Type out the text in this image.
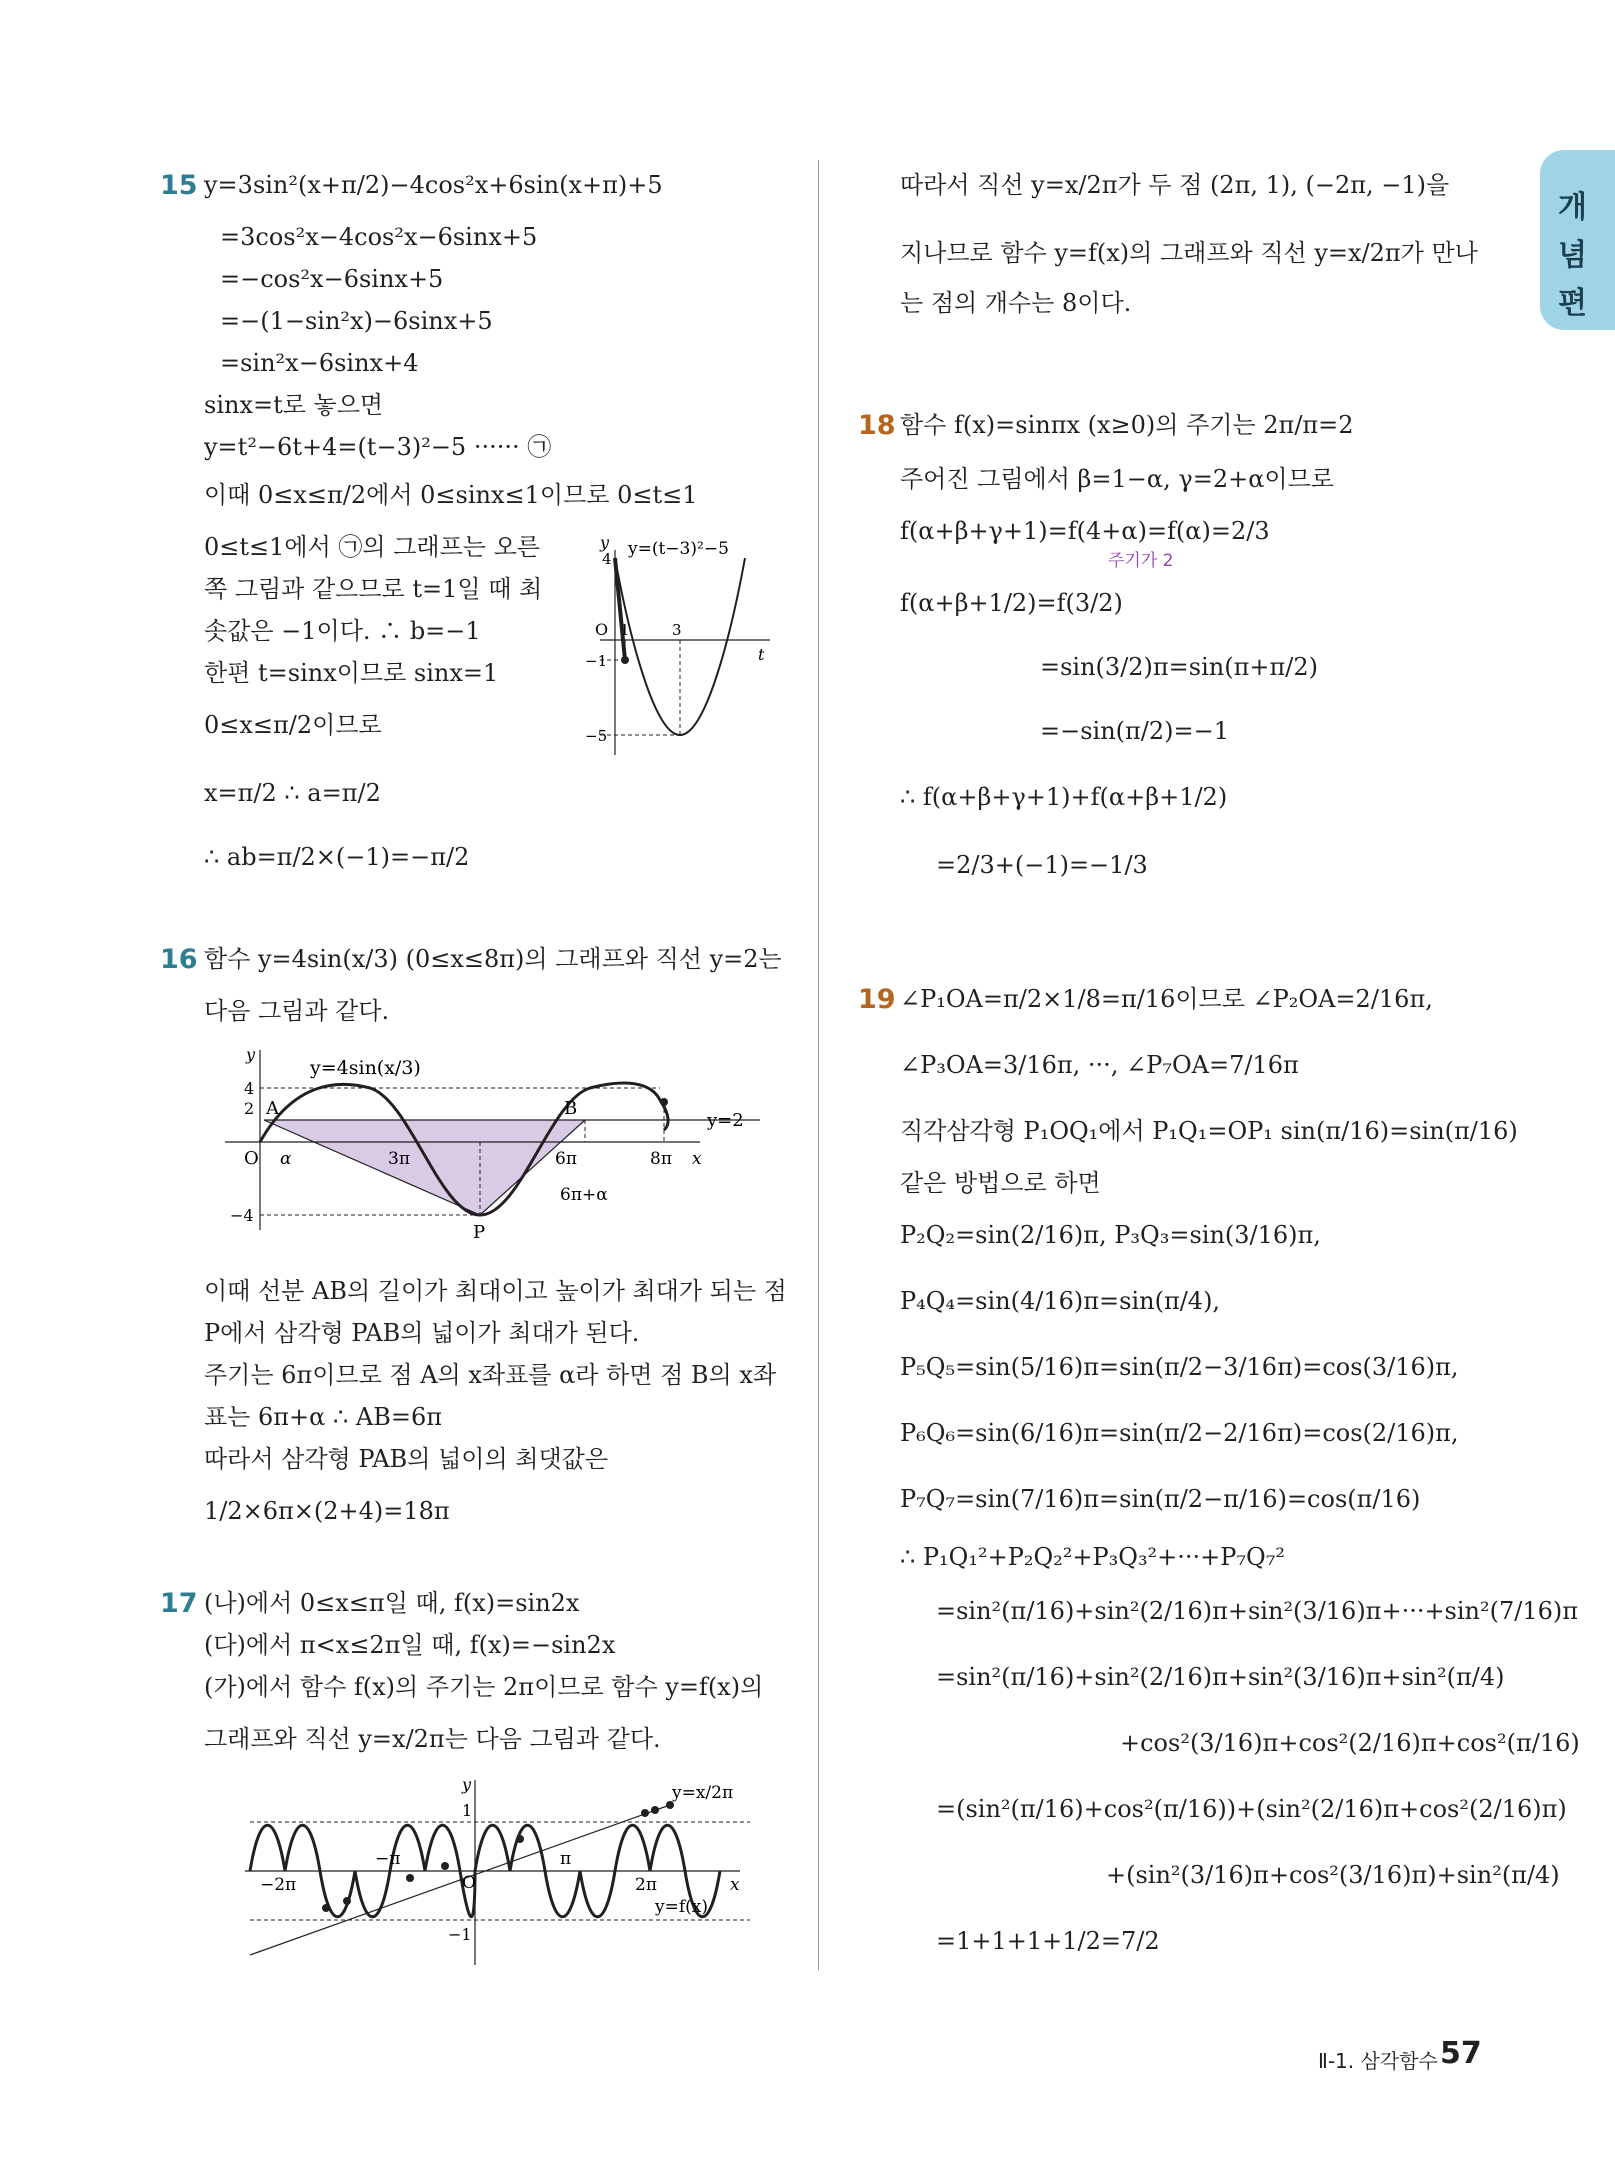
개
념
편
15 y=3sin²(x+π/2)−4cos²x+6sin(x+π)+5
=3cos²x−4cos²x−6sinx+5
=−cos²x−6sinx+5
=−(1−sin²x)−6sinx+5
=sin²x−6sinx+4
sinx=t로 놓으면
y=t²−6t+4=(t−3)²−5 ······ ㉠
이때 0≤x≤π/2에서 0≤sinx≤1이므로 0≤t≤1
0≤t≤1에서 ㉠의 그래프는 오른
쪽 그림과 같으므로 t=1일 때 최
솟값은 −1이다. ∴ b=−1
한편 t=sinx이므로 sinx=1
0≤x≤π/2이므로
x=π/2 ∴ a=π/2
∴ ab=π/2×(−1)=−π/2
y y=(t−3)²−5
4
O 1	3
t
−1
−5
16 함수 y=4sin(x/3) (0≤x≤8π)의 그래프와 직선 y=2는
다음 그림과 같다.
y
y=4sin(x/3)
4
2
−4
A	B
P
y=2
O α	3π	6π	8π x
6π+α
이때 선분 AB의 길이가 최대이고 높이가 최대가 되는 점
P에서 삼각형 PAB의 넓이가 최대가 된다.
주기는 6π이므로 점 A의 x좌표를 α라 하면 점 B의 x좌
표는 6π+α ∴ AB=6π
따라서 삼각형 PAB의 넓이의 최댓값은
1/2×6π×(2+4)=18π
17 (나)에서 0≤x≤π일 때, f(x)=sin2x
(다)에서 π<x≤2π일 때, f(x)=−sin2x
(가)에서 함수 f(x)의 주기는 2π이므로 함수 y=f(x)의
그래프와 직선 y=x/2π는 다음 그림과 같다.
y
1
−1
O
−2π
−π	π
2π	x
y=x/2π
y=f(x)
따라서 직선 y=x/2π가 두 점 (2π, 1), (−2π, −1)을
지나므로 함수 y=f(x)의 그래프와 직선 y=x/2π가 만나
는 점의 개수는 8이다.
18 함수 f(x)=sinπx (x≥0)의 주기는 2π/π=2
주어진 그림에서 β=1−α, γ=2+α이므로
f(α+β+γ+1)=f(4+α)=f(α)=2/3
주기가 2
f(α+β+1/2)=f(3/2)
=sin(3/2)π=sin(π+π/2)
=−sin(π/2)=−1
∴ f(α+β+γ+1)+f(α+β+1/2)
=2/3+(−1)=−1/3
19 ∠P₁OA=π/2×1/8=π/16이므로 ∠P₂OA=2/16π,
∠P₃OA=3/16π, ···, ∠P₇OA=7/16π
직각삼각형 P₁OQ₁에서 P₁Q₁=OP₁ sin(π/16)=sin(π/16)
같은 방법으로 하면
P₂Q₂=sin(2/16)π, P₃Q₃=sin(3/16)π,
P₄Q₄=sin(4/16)π=sin(π/4),
P₅Q₅=sin(5/16)π=sin(π/2−3/16π)=cos(3/16)π,
P₆Q₆=sin(6/16)π=sin(π/2−2/16π)=cos(2/16)π,
P₇Q₇=sin(7/16)π=sin(π/2−π/16)=cos(π/16)
∴ P₁Q₁²+P₂Q₂²+P₃Q₃²+···+P₇Q₇²
=sin²(π/16)+sin²(2/16)π+sin²(3/16)π+···+sin²(7/16)π
=sin²(π/16)+sin²(2/16)π+sin²(3/16)π+sin²(π/4)
+cos²(3/16)π+cos²(2/16)π+cos²(π/16)
=(sin²(π/16)+cos²(π/16))+(sin²(2/16)π+cos²(2/16)π)
+(sin²(3/16)π+cos²(3/16)π)+sin²(π/4)
=1+1+1+1/2=7/2
Ⅱ-1. 삼각함수 57
